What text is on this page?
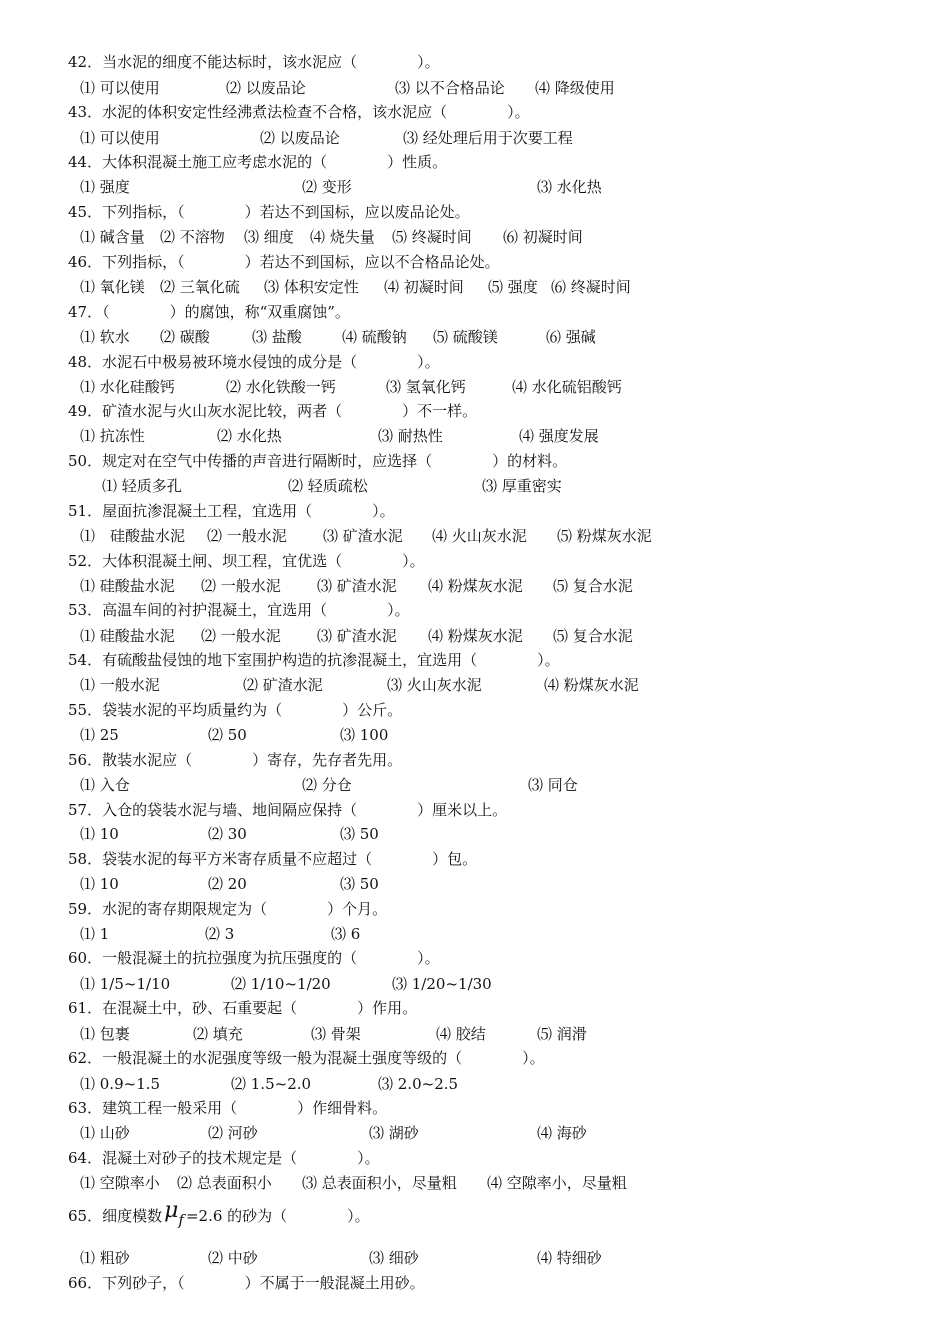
42．当水泥的细度不能达标时，该水泥应（　　　　）。
⑴ 可以使用	⑵ 以废品论	⑶ 以不合格品论 ⑷ 降级使用
43．水泥的体积安定性经沸煮法检查不合格，该水泥应（　　　　）。
⑴ 可以使用	⑵ 以废品论	⑶ 经处理后用于次要工程
44．大体积混凝土施工应考虑水泥的（　　　　）性质。
⑴ 强度	⑵ 变形	⑶ 水化热
45．下列指标，（　　　　）若达不到国标，应以废品论处。
⑴ 碱含量 ⑵ 不溶物 ⑶ 细度 ⑷ 烧失量 ⑸ 终凝时间 ⑹ 初凝时间
46．下列指标，（　　　　）若达不到国标，应以不合格品论处。
⑴ 氧化镁 ⑵ 三氧化硫 ⑶ 体积安定性 ⑷ 初凝时间 ⑸ 强度 ⑹ 终凝时间
47．（　　　　）的腐蚀，称“双重腐蚀”。
⑴ 软水 ⑵ 碳酸	⑶ 盐酸	⑷ 硫酸钠 ⑸ 硫酸镁	⑹ 强碱
48．水泥石中极易被环境水侵蚀的成分是（　　　　）。
⑴ 水化硅酸钙	⑵ 水化铁酸一钙	⑶ 氢氧化钙	⑷ 水化硫铝酸钙
49．矿渣水泥与火山灰水泥比较，两者（　　　　）不一样。
⑴ 抗冻性	⑵ 水化热	⑶ 耐热性	⑷ 强度发展
50．规定对在空气中传播的声音进行隔断时，应选择（　　　　）的材料。
⑴ 轻质多孔	⑵ 轻质疏松	⑶ 厚重密实
51．屋面抗渗混凝土工程，宜选用（　　　　）。
⑴　硅酸盐水泥 ⑵ 一般水泥 ⑶ 矿渣水泥 ⑷ 火山灰水泥 ⑸ 粉煤灰水泥
52．大体积混凝土闸、坝工程，宜优选（　　　　）。
⑴ 硅酸盐水泥 ⑵ 一般水泥 ⑶ 矿渣水泥 ⑷ 粉煤灰水泥 ⑸ 复合水泥
53．高温车间的衬护混凝土，宜选用（　　　　）。
⑴ 硅酸盐水泥 ⑵ 一般水泥 ⑶ 矿渣水泥 ⑷ 粉煤灰水泥 ⑸ 复合水泥
54．有硫酸盐侵蚀的地下室围护构造的抗渗混凝土，宜选用（　　　　）。
⑴ 一般水泥	⑵ 矿渣水泥	⑶ 火山灰水泥	⑷ 粉煤灰水泥
55．袋装水泥的平均质量约为（　　　　）公斤。
⑴ 25	⑵ 50	⑶ 100
56．散装水泥应（　　　　）寄存，先存者先用。
⑴ 入仓	⑵ 分仓	⑶ 同仓
57．入仓的袋装水泥与墙、地间隔应保持（　　　　）厘米以上。
⑴ 10	⑵ 30	⑶ 50
58．袋装水泥的每平方米寄存质量不应超过（　　　　）包。
⑴ 10	⑵ 20	⑶ 50
59．水泥的寄存期限规定为（　　　　）个月。
⑴ 1	⑵ 3	⑶ 6
60．一般混凝土的抗拉强度为抗压强度的（　　　　）。
⑴ 1/5~1/10	⑵ 1/10~1/20	⑶ 1/20~1/30
61．在混凝土中，砂、石重要起（　　　　）作用。
⑴ 包裹	⑵ 填充	⑶ 骨架	⑷ 胶结	⑸ 润滑
62．一般混凝土的水泥强度等级一般为混凝土强度等级的（　　　　）。
⑴ 0.9~1.5	⑵ 1.5~2.0	⑶ 2.0~2.5
63．建筑工程一般采用（　　　　）作细骨料。
⑴ 山砂	⑵ 河砂	⑶ 湖砂	⑷ 海砂
64．混凝土对砂子的技术规定是（　　　　）。
⑴ 空隙率小 ⑵ 总表面积小 ⑶ 总表面积小，尽量粗 ⑷ 空隙率小，尽量粗
65．细度模数μf =2.6 的砂为（　　　　）。
⑴ 粗砂	⑵ 中砂	⑶ 细砂	⑷ 特细砂
66．下列砂子，（　　　　）不属于一般混凝土用砂。
